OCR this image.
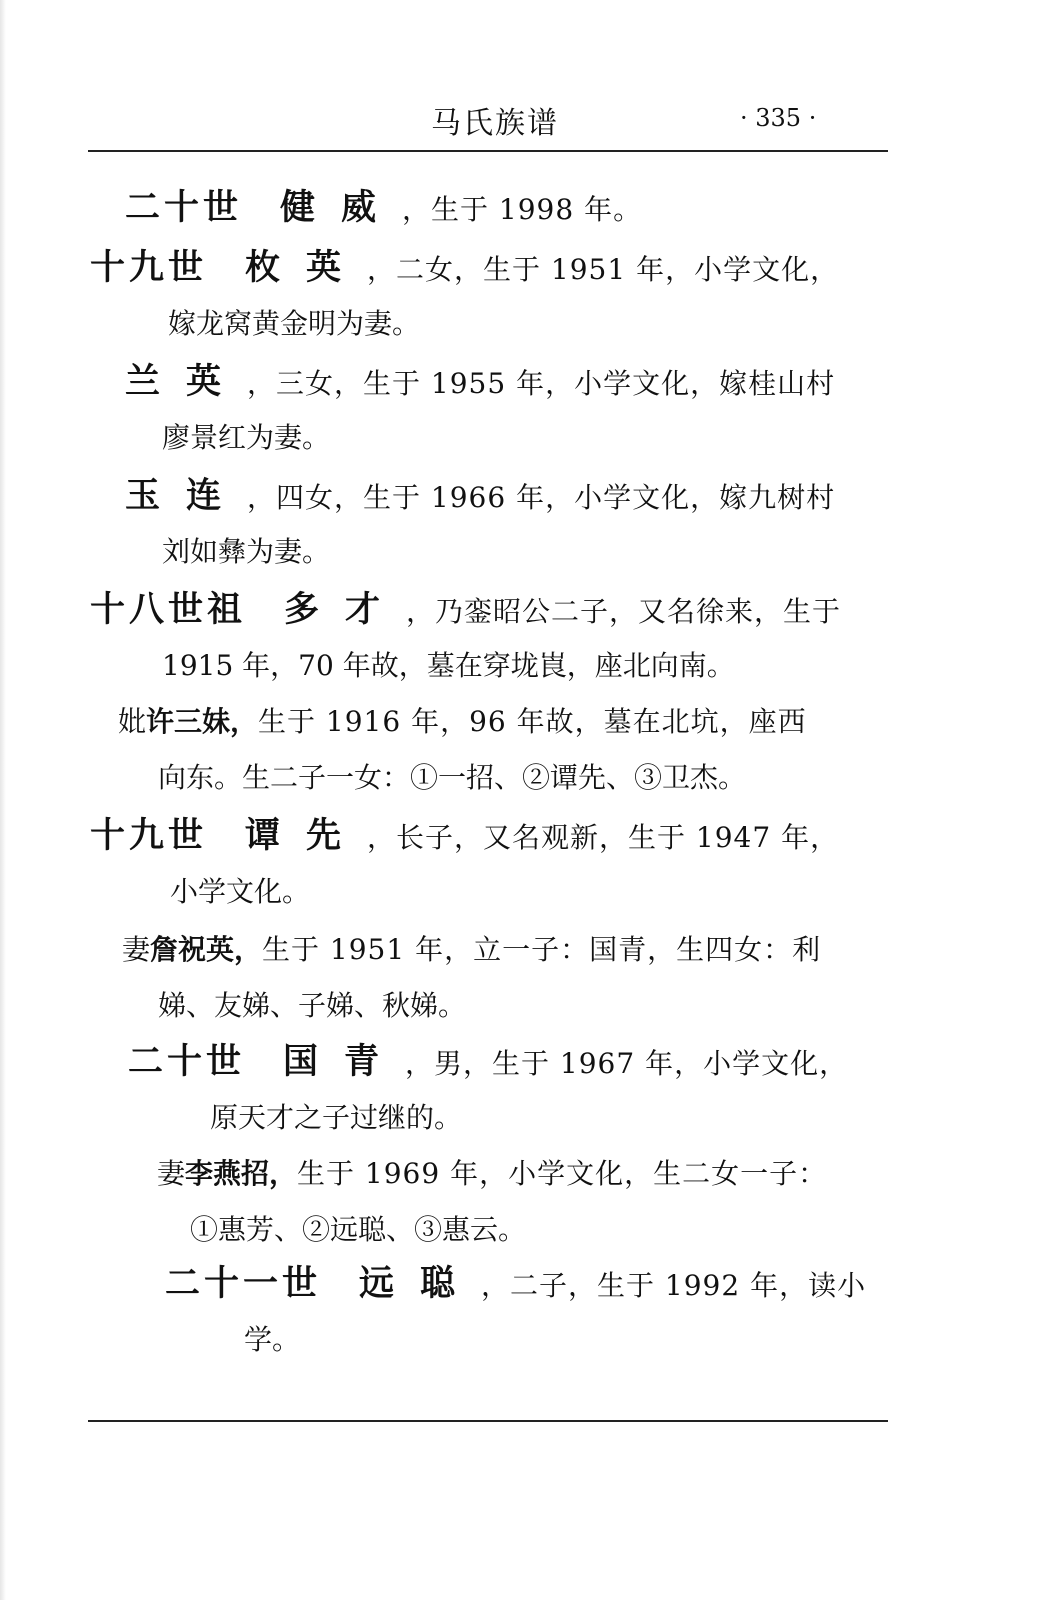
马氏族谱	· 335 ·
二十世 健威，生于 1998 年。
十九世 枚英，二女，生于 1951 年，小学文化，
嫁龙窝黄金明为妻。
兰英，三女，生于 1955 年，小学文化，嫁桂山村
廖景红为妻。
玉连，四女，生于 1966 年，小学文化，嫁九树村
刘如彝为妻。
十八世祖 多才，乃銮昭公二子，又名徐来，生于
1915 年，70 年故，墓在穿垅崀，座北向南。
妣许三妹，生于 1916 年，96 年故，墓在北坑，座西
向东。生二子一女：①一招、②谭先、③卫杰。
十九世 谭先，长子，又名观新，生于 1947 年，
小学文化。
妻詹祝英，生于 1951 年，立一子：国青，生四女：利
娣、友娣、子娣、秋娣。
二十世 国青，男，生于 1967 年，小学文化，
原天才之子过继的。
妻李燕招，生于 1969 年，小学文化，生二女一子：
①惠芳、②远聪、③惠云。
二十一世 远聪，二子，生于 1992 年，读小
学。
